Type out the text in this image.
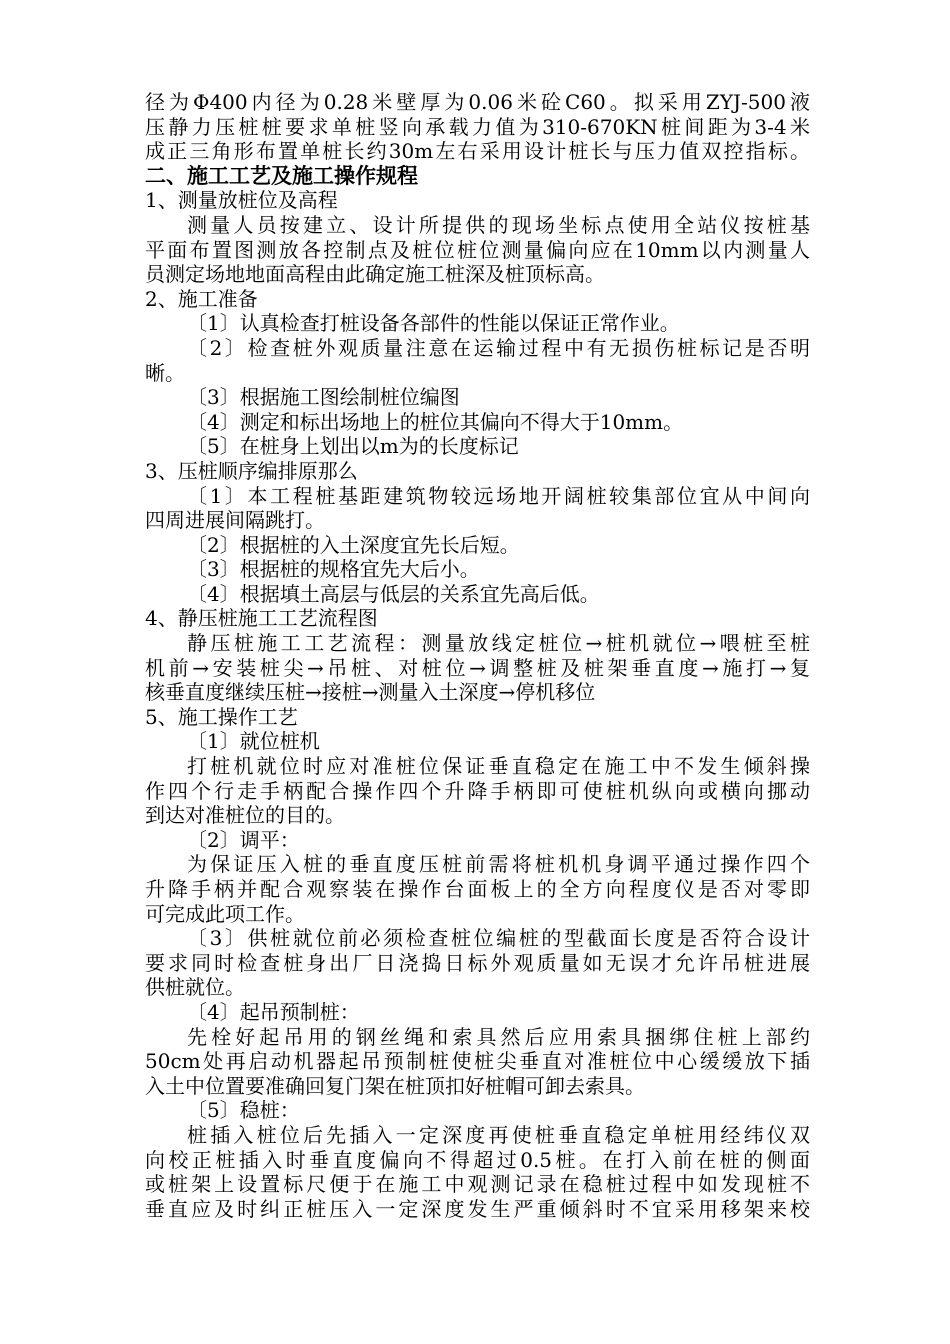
径为Φ400内径为0.28米壁厚为0.06米砼C60。拟采用ZYJ-500液
压静力压桩桩要求单桩竖向承载力值为310-670KN桩间距为3-4米
成正三角形布置单桩长约30m左右采用设计桩长与压力值双控指标。
二、施工工艺及施工操作规程
1、测量放桩位及高程
测量人员按建立、设计所提供的现场坐标点使用全站仪按桩基
平面布置图测放各控制点及桩位桩位测量偏向应在10mm以内测量人
员测定场地地面高程由此确定施工桩深及桩顶标高。
2、施工准备
〔1〕认真检查打桩设备各部件的性能以保证正常作业。
〔2〕检查桩外观质量注意在运输过程中有无损伤桩标记是否明
晰。
〔3〕根据施工图绘制桩位编图
〔4〕测定和标出场地上的桩位其偏向不得大于10mm。
〔5〕在桩身上划出以m为的长度标记
3、压桩顺序编排原那么
〔1〕本工程桩基距建筑物较远场地开阔桩较集部位宜从中间向
四周进展间隔跳打。
〔2〕根据桩的入土深度宜先长后短。
〔3〕根据桩的规格宜先大后小。
〔4〕根据填土高层与低层的关系宜先高后低。
4、静压桩施工工艺流程图
静压桩施工工艺流程：测量放线定桩位→桩机就位→喂桩至桩
机前→安装桩尖→吊桩、对桩位→调整桩及桩架垂直度→施打→复
核垂直度继续压桩→接桩→测量入土深度→停机移位
5、施工操作工艺
〔1〕就位桩机
打桩机就位时应对准桩位保证垂直稳定在施工中不发生倾斜操
作四个行走手柄配合操作四个升降手柄即可使桩机纵向或横向挪动
到达对准桩位的目的。
〔2〕调平：
为保证压入桩的垂直度压桩前需将桩机机身调平通过操作四个
升降手柄并配合观察装在操作台面板上的全方向程度仪是否对零即
可完成此项工作。
〔3〕供桩就位前必须检查桩位编桩的型截面长度是否符合设计
要求同时检查桩身出厂日浇捣日标外观质量如无误才允许吊桩进展
供桩就位。
〔4〕起吊预制桩：
先栓好起吊用的钢丝绳和索具然后应用索具捆绑住桩上部约
50cm处再启动机器起吊预制桩使桩尖垂直对准桩位中心缓缓放下插
入土中位置要准确回复门架在桩顶扣好桩帽可卸去索具。
〔5〕稳桩：
桩插入桩位后先插入一定深度再使桩垂直稳定单桩用经纬仪双
向校正桩插入时垂直度偏向不得超过0.5桩。在打入前在桩的侧面
或桩架上设置标尺便于在施工中观测记录在稳桩过程中如发现桩不
垂直应及时纠正桩压入一定深度发生严重倾斜时不宜采用移架来校
